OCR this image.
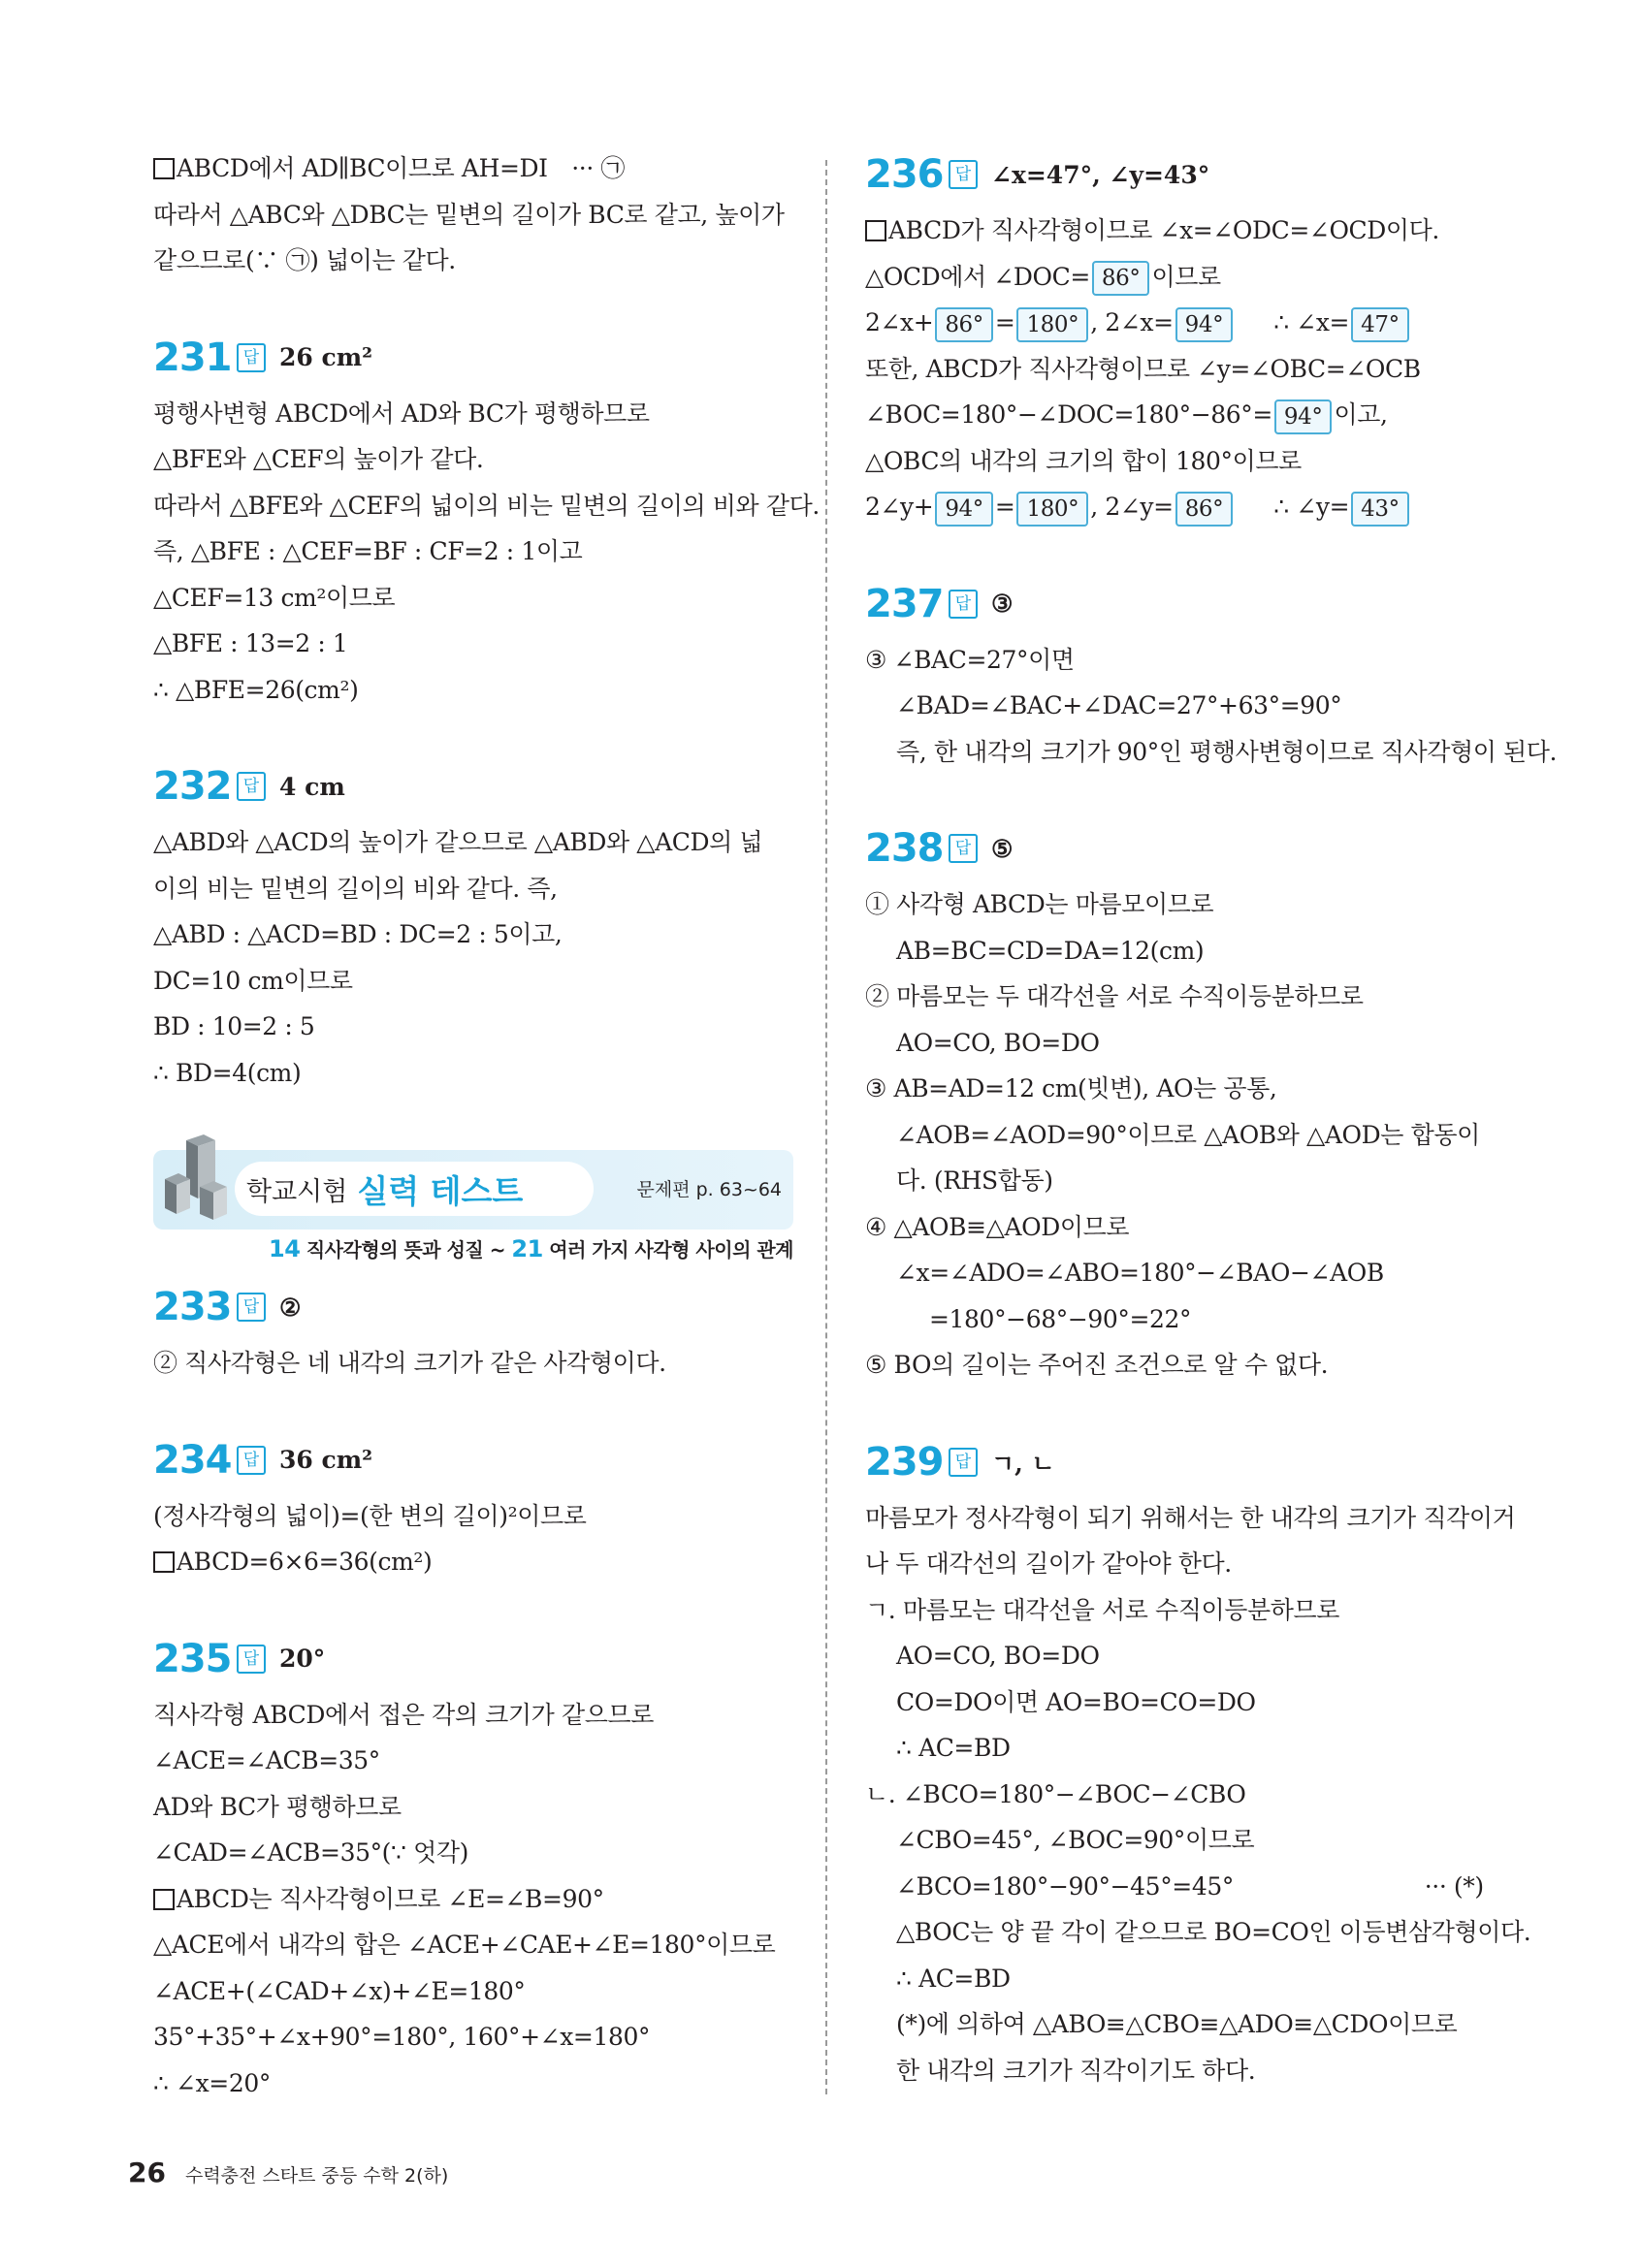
ABCD에서 AD∥BC이므로 AH=DI　··· ㉠
따라서 △ABC와 △DBC는 밑변의 길이가 BC로 같고, 높이가
같으므로(∵ ㉠) 넓이는 같다.
231 답 26 cm²
평행사변형 ABCD에서 AD와 BC가 평행하므로
△BFE와 △CEF의 높이가 같다.
따라서 △BFE와 △CEF의 넓이의 비는 밑변의 길이의 비와 같다.
즉, △BFE : △CEF=BF : CF=2 : 1이고
△CEF=13 cm²이므로
△BFE : 13=2 : 1
∴ △BFE=26(cm²)
232 답 4 cm
△ABD와 △ACD의 높이가 같으므로 △ABD와 △ACD의 넓
이의 비는 밑변의 길이의 비와 같다. 즉,
△ABD : △ACD=BD : DC=2 : 5이고,
DC=10 cm이므로
BD : 10=2 : 5
∴ BD=4(cm)
학교시험 실력 테스트	문제편 p. 63~64
14 직사각형의 뜻과 성질 ~ 21 여러 가지 사각형 사이의 관계
233 답 ②
② 직사각형은 네 내각의 크기가 같은 사각형이다.
234 답 36 cm²
(정사각형의 넓이)=(한 변의 길이)²이므로
ABCD=6×6=36(cm²)
235 답 20°
직사각형 ABCD에서 접은 각의 크기가 같으므로
∠ACE=∠ACB=35°
AD와 BC가 평행하므로
∠CAD=∠ACB=35°(∵ 엇각)
ABCD는 직사각형이므로 ∠E=∠B=90°
△ACE에서 내각의 합은 ∠ACE+∠CAE+∠E=180°이므로
∠ACE+(∠CAD+∠x)+∠E=180°
35°+35°+∠x+90°=180°, 160°+∠x=180°
∴ ∠x=20°
236 답 ∠x=47°, ∠y=43°
ABCD가 직사각형이므로 ∠x=∠ODC=∠OCD이다.
△OCD에서 ∠DOC= 86° 이므로
2∠x+ 86° = 180° , 2∠x= 94° ∴ ∠x= 47°
또한, ABCD가 직사각형이므로 ∠y=∠OBC=∠OCB
∠BOC=180°−∠DOC=180°−86°= 94° 이고,
△OBC의 내각의 크기의 합이 180°이므로
2∠y+ 94° = 180° , 2∠y= 86° ∴ ∠y= 43°
237 답 ③
③ ∠BAC=27°이면
∠BAD=∠BAC+∠DAC=27°+63°=90°
즉, 한 내각의 크기가 90°인 평행사변형이므로 직사각형이 된다.
238 답 ⑤
① 사각형 ABCD는 마름모이므로
AB=BC=CD=DA=12(cm)
② 마름모는 두 대각선을 서로 수직이등분하므로
AO=CO, BO=DO
③ AB=AD=12 cm(빗변), AO는 공통,
∠AOB=∠AOD=90°이므로 △AOB와 △AOD는 합동이
다. (RHS합동)
④ △AOB≡△AOD이므로
∠x=∠ADO=∠ABO=180°−∠BAO−∠AOB
=180°−68°−90°=22°
⑤ BO의 길이는 주어진 조건으로 알 수 없다.
239 답 ㄱ, ㄴ
마름모가 정사각형이 되기 위해서는 한 내각의 크기가 직각이거
나 두 대각선의 길이가 같아야 한다.
ㄱ. 마름모는 대각선을 서로 수직이등분하므로
AO=CO, BO=DO
CO=DO이면 AO=BO=CO=DO
∴ AC=BD
ㄴ. ∠BCO=180°−∠BOC−∠CBO
∠CBO=45°, ∠BOC=90°이므로
∠BCO=180°−90°−45°=45°　　　　　　　　··· (*)
△BOC는 양 끝 각이 같으므로 BO=CO인 이등변삼각형이다.
∴ AC=BD
(*)에 의하여 △ABO≡△CBO≡△ADO≡△CDO이므로
한 내각의 크기가 직각이기도 하다.
26 수력충전 스타트 중등 수학 2(하)
